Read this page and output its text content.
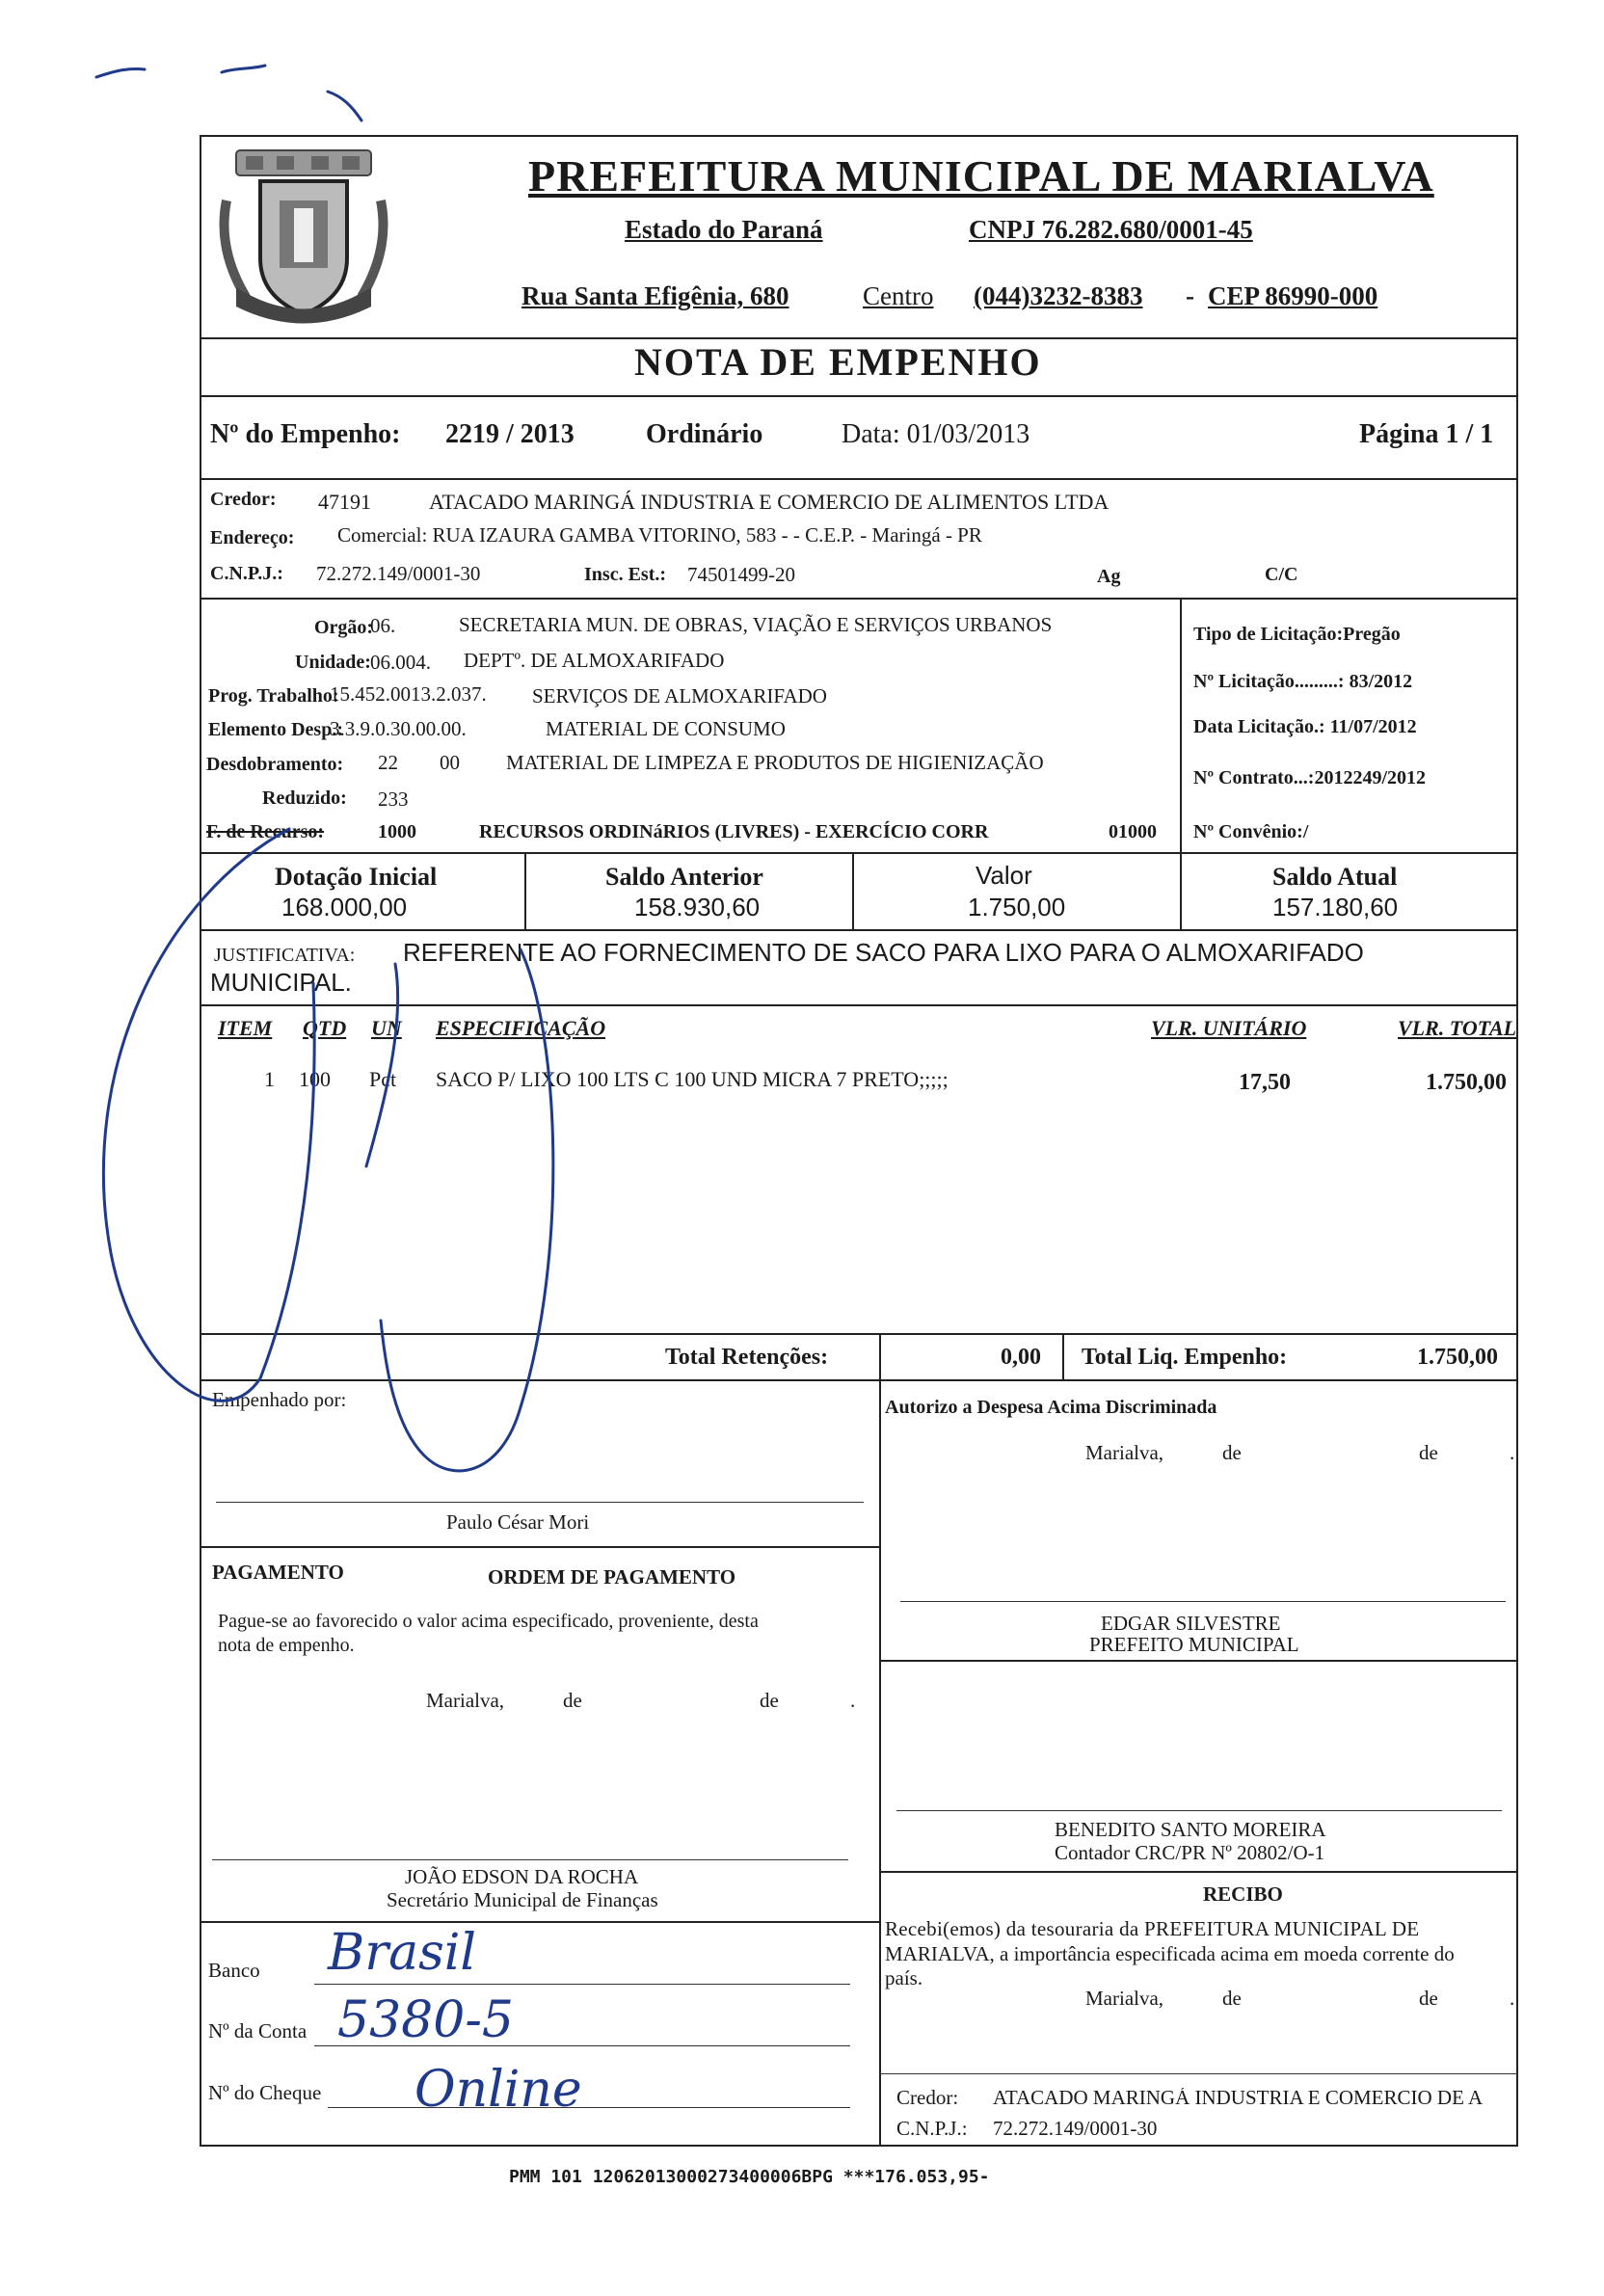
PREFEITURA MUNICIPAL DE MARIALVA
Estado do Paraná	CNPJ 76.282.680/0001-45
Rua Santa Efigênia, 680	Centro (044)3232-8383 - CEP 86990-000
NOTA DE EMPENHO
Nº do Empenho: 2219 / 2013	Ordinário	Data: 01/03/2013	Página 1 / 1
Credor: 47191	ATACADO MARINGÁ INDUSTRIA E COMERCIO DE ALIMENTOS LTDA
Endereço: Comercial: RUA IZAURA GAMBA VITORINO, 583 - - C.E.P. - Maringá - PR
C.N.P.J.: 72.272.149/0001-30	Insc. Est.: 74501499-20	Ag	C/C
Orgão:
06.	SECRETARIA MUN. DE OBRAS, VIAÇÃO E SERVIÇOS URBANOS
Unidade: 06.004. DEPTº. DE ALMOXARIFADO
Prog. Trabalho:
15.452.0013.2.037. SERVIÇOS DE ALMOXARIFADO
Elemento Desp.:
3.3.9.0.30.00.00.	MATERIAL DE CONSUMO
Desdobramento: 22 00 MATERIAL DE LIMPEZA E PRODUTOS DE HIGIENIZAÇÃO
Reduzido: 233
F. de Recurso:	1000	RECURSOS ORDINáRIOS (LIVRES) - EXERCÍCIO CORR	01000
Tipo de Licitação:Pregão
Nº Licitação.........: 83/2012
Data Licitação.: 11/07/2012
Nº Contrato...:2012249/2012
Nº Convênio:/
Dotação Inicial
168.000,00
Saldo Anterior
158.930,60
Valor
1.750,00
Saldo Atual
157.180,60
JUSTIFICATIVA: REFERENTE AO FORNECIMENTO DE SACO PARA LIXO PARA O ALMOXARIFADO
MUNICIPAL.
ITEM QTD UN ESPECIFICAÇÃO	VLR. UNITÁRIO	VLR. TOTAL
1 100 Pct SACO P/ LIXO 100 LTS C 100 UND MICRA 7 PRETO;;;;;	17,50	1.750,00
Total Retenções:	0,00 Total Liq. Empenho:	1.750,00
Empenhado por:
Paulo César Mori
Autorizo a Despesa Acima Discriminada
Marialva,	de	de	.
PAGAMENTO	ORDEM DE PAGAMENTO
Pague-se ao favorecido o valor acima especificado, proveniente, desta
nota de empenho.
Marialva,	de	de	.
EDGAR SILVESTRE
PREFEITO MUNICIPAL
BENEDITO SANTO MOREIRA
Contador CRC/PR Nº 20802/O-1
JOÃO EDSON DA ROCHA
Secretário Municipal de Finanças	RECIBO
Recebi(emos) da tesouraria da PREFEITURA MUNICIPAL DE
MARIALVA, a importância especificada acima em moeda corrente do
país.
Marialva,	de	de	.
Credor: ATACADO MARINGÁ INDUSTRIA E COMERCIO DE A
C.N.P.J.: 72.272.149/0001-30
Banco Brasil
Nº da Conta 5380-5
Nº do Cheque Online
PMM 101 12062013000273400006BPG ***176.053,95-
